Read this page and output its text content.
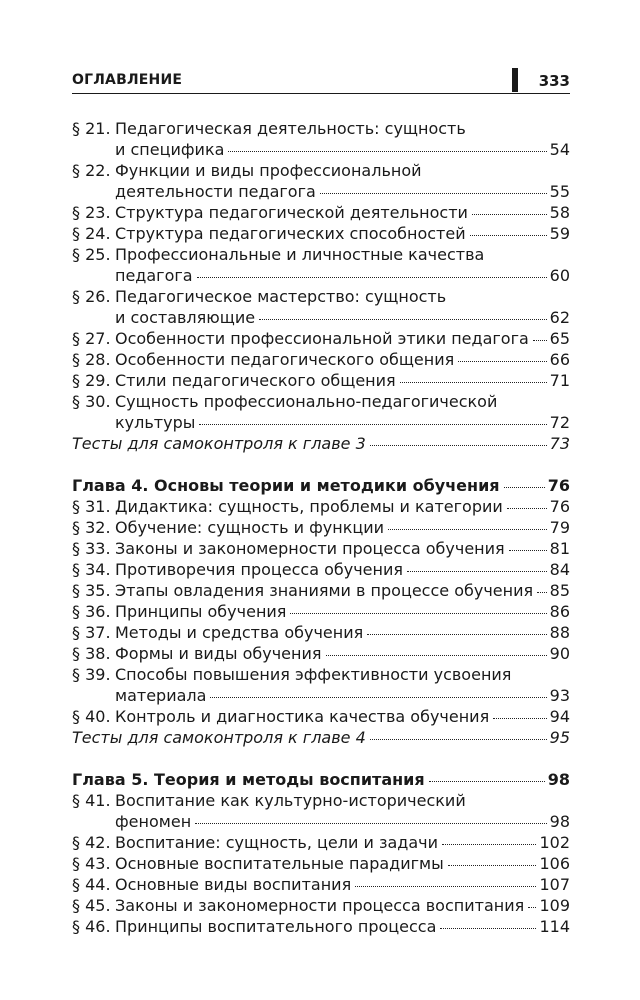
ОГЛАВЛЕНИЕ	333
§ 21. Педагогическая деятельность: сущность
и специфика	54
§ 22. Функции и виды профессиональной
деятельности педагога	55
§ 23. Структура педагогической деятельности	58
§ 24. Структура педагогических способностей	59
§ 25. Профессиональные и личностные качества
педагога	60
§ 26. Педагогическое мастерство: сущность
и составляющие	62
§ 27. Особенности профессиональной этики педагога 65
§ 28. Особенности педагогического общения	66
§ 29. Стили педагогического общения	71
§ 30. Сущность профессионально-педагогической
культуры	72
Тесты для самоконтроля к главе 3	73
Глава 4. Основы теории и методики обучения	76
§ 31. Дидактика: сущность, проблемы и категории	76
§ 32. Обучение: сущность и функции	79
§ 33. Законы и закономерности процесса обучения	81
§ 34. Противоречия процесса обучения	84
§ 35. Этапы овладения знаниями в процессе обучения 85
§ 36. Принципы обучения	86
§ 37. Методы и средства обучения	88
§ 38. Формы и виды обучения	90
§ 39. Способы повышения эффективности усвоения
материала	93
§ 40. Контроль и диагностика качества обучения	94
Тесты для самоконтроля к главе 4	95
Глава 5. Теория и методы воспитания	98
§ 41. Воспитание как культурно-исторический
феномен	98
§ 42. Воспитание: сущность, цели и задачи	102
§ 43. Основные воспитательные парадигмы	106
§ 44. Основные виды воспитания	107
§ 45. Законы и закономерности процесса воспитания 109
§ 46. Принципы воспитательного процесса	114
